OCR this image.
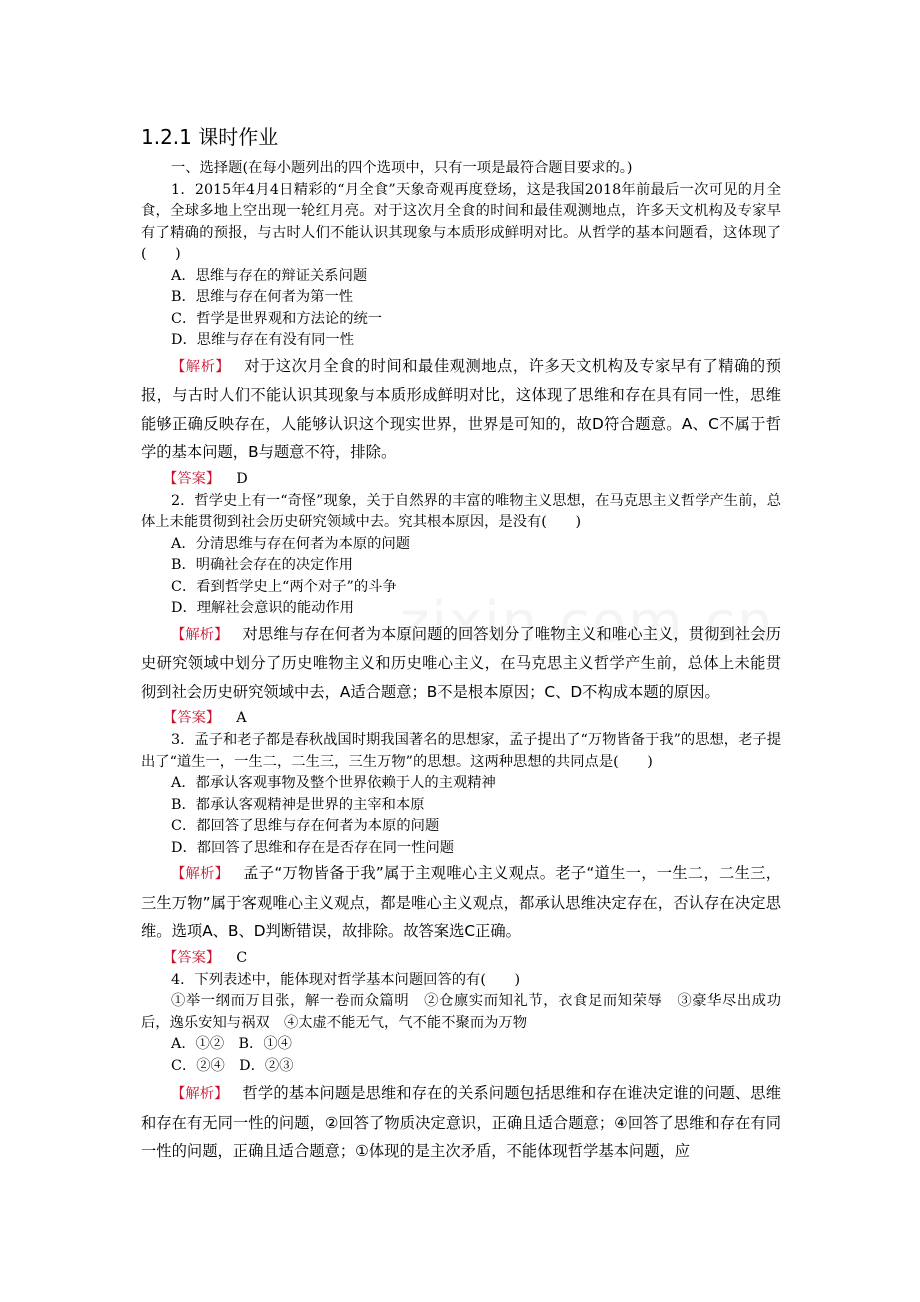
1.2.1 课时作业

一、选择题(在每小题列出的四个选项中，只有一项是最符合题目要求的。)

1．2015年4月4日精彩的“月全食”天象奇观再度登场，这是我国2018年前最后一次可见的月全食，全球多地上空出现一轮红月亮。对于这次月全食的时间和最佳观测地点，许多天文机构及专家早有了精确的预报，与古时人们不能认识其现象与本质形成鲜明对比。从哲学的基本问题看，这体现了(　　)

A．思维与存在的辩证关系问题

B．思维与存在何者为第一性

C．哲学是世界观和方法论的统一

D．思维与存在有没有同一性

【解析】 对于这次月全食的时间和最佳观测地点，许多天文机构及专家早有了精确的预报，与古时人们不能认识其现象与本质形成鲜明对比，这体现了思维和存在具有同一性，思维能够正确反映存在，人能够认识这个现实世界，世界是可知的，故D符合题意。A、C不属于哲学的基本问题，B与题意不符，排除。

【答案】 D

2．哲学史上有一“奇怪”现象，关于自然界的丰富的唯物主义思想，在马克思主义哲学产生前，总体上未能贯彻到社会历史研究领域中去。究其根本原因，是没有(　　)

A．分清思维与存在何者为本原的问题

B．明确社会存在的决定作用

C．看到哲学史上“两个对子”的斗争

D．理解社会意识的能动作用

【解析】 对思维与存在何者为本原问题的回答划分了唯物主义和唯心主义，贯彻到社会历史研究领域中划分了历史唯物主义和历史唯心主义，在马克思主义哲学产生前，总体上未能贯彻到社会历史研究领域中去，A适合题意；B不是根本原因；C、D不构成本题的原因。

【答案】 A

3．孟子和老子都是春秋战国时期我国著名的思想家，孟子提出了“万物皆备于我”的思想，老子提出了“道生一，一生二，二生三，三生万物”的思想。这两种思想的共同点是(　　)

A．都承认客观事物及整个世界依赖于人的主观精神

B．都承认客观精神是世界的主宰和本原

C．都回答了思维与存在何者为本原的问题

D．都回答了思维和存在是否存在同一性问题

【解析】 孟子“万物皆备于我”属于主观唯心主义观点。老子“道生一，一生二，二生三，三生万物”属于客观唯心主义观点，都是唯心主义观点，都承认思维决定存在，否认存在决定思维。选项A、B、D判断错误，故排除。故答案选C正确。

【答案】 C

4．下列表述中，能体现对哲学基本问题回答的有(　　)

①举一纲而万目张，解一卷而众篇明　②仓廪实而知礼节，衣食足而知荣辱　③豪华尽出成功后，逸乐安知与祸双　④太虚不能无气，气不能不聚而为万物

A．①②　B．①④

C．②④　D．②③

【解析】 哲学的基本问题是思维和存在的关系问题包括思维和存在谁决定谁的问题、思维和存在有无同一性的问题，②回答了物质决定意识，正确且适合题意；④回答了思维和存在有同一性的问题，正确且适合题意；①体现的是主次矛盾，不能体现哲学基本问题，应
